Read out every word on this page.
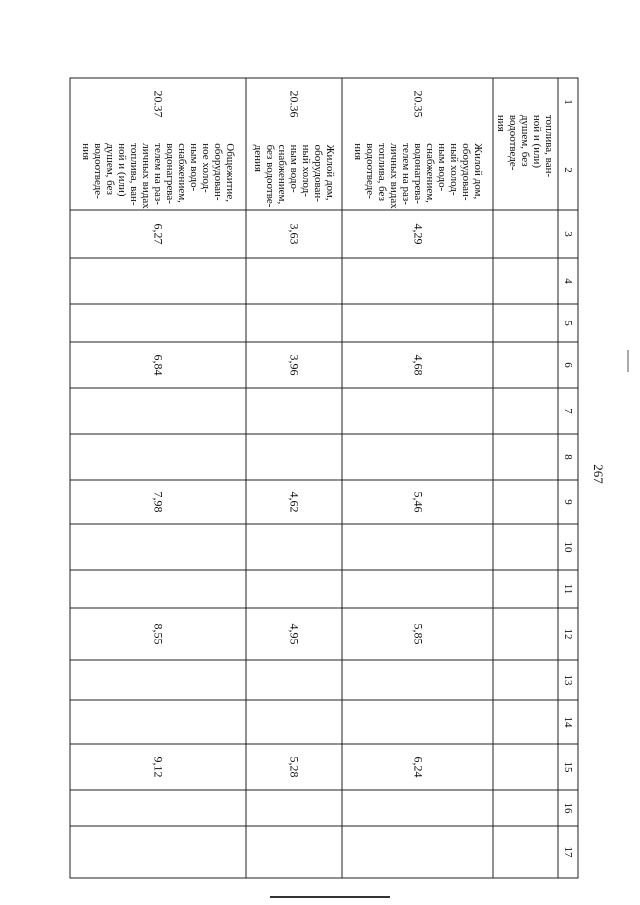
1
2
3
4
5
6
7
8
9
10
11
12
13
14
15
16
17
топлива, ван-
ной и (или)
душем, без
водоотведе-
ния
20.35
Жилой дом,
оборудован-
ный холод-
ным водо-
снабжением,
водонагрева-
телем на раз-
личных видах
топлива, без
водоотведе-
ния
4,29
4,68
5,46
5,85
6,24
20.36
Жилой дом,
оборудован-
ный холод-
ным водо-
снабжением,
без водоотве-
дения
3,63
3,96
4,62
4,95
5,28
20.37
Общежитие,
оборудован-
ное холод-
ным водо-
снабжением,
водонагрева-
телем на раз-
личных видах
топлива, ван-
ной и (или)
душем, без
водоотведе-
ния
6,27
6,84
7,98
8,55
9,12
267
